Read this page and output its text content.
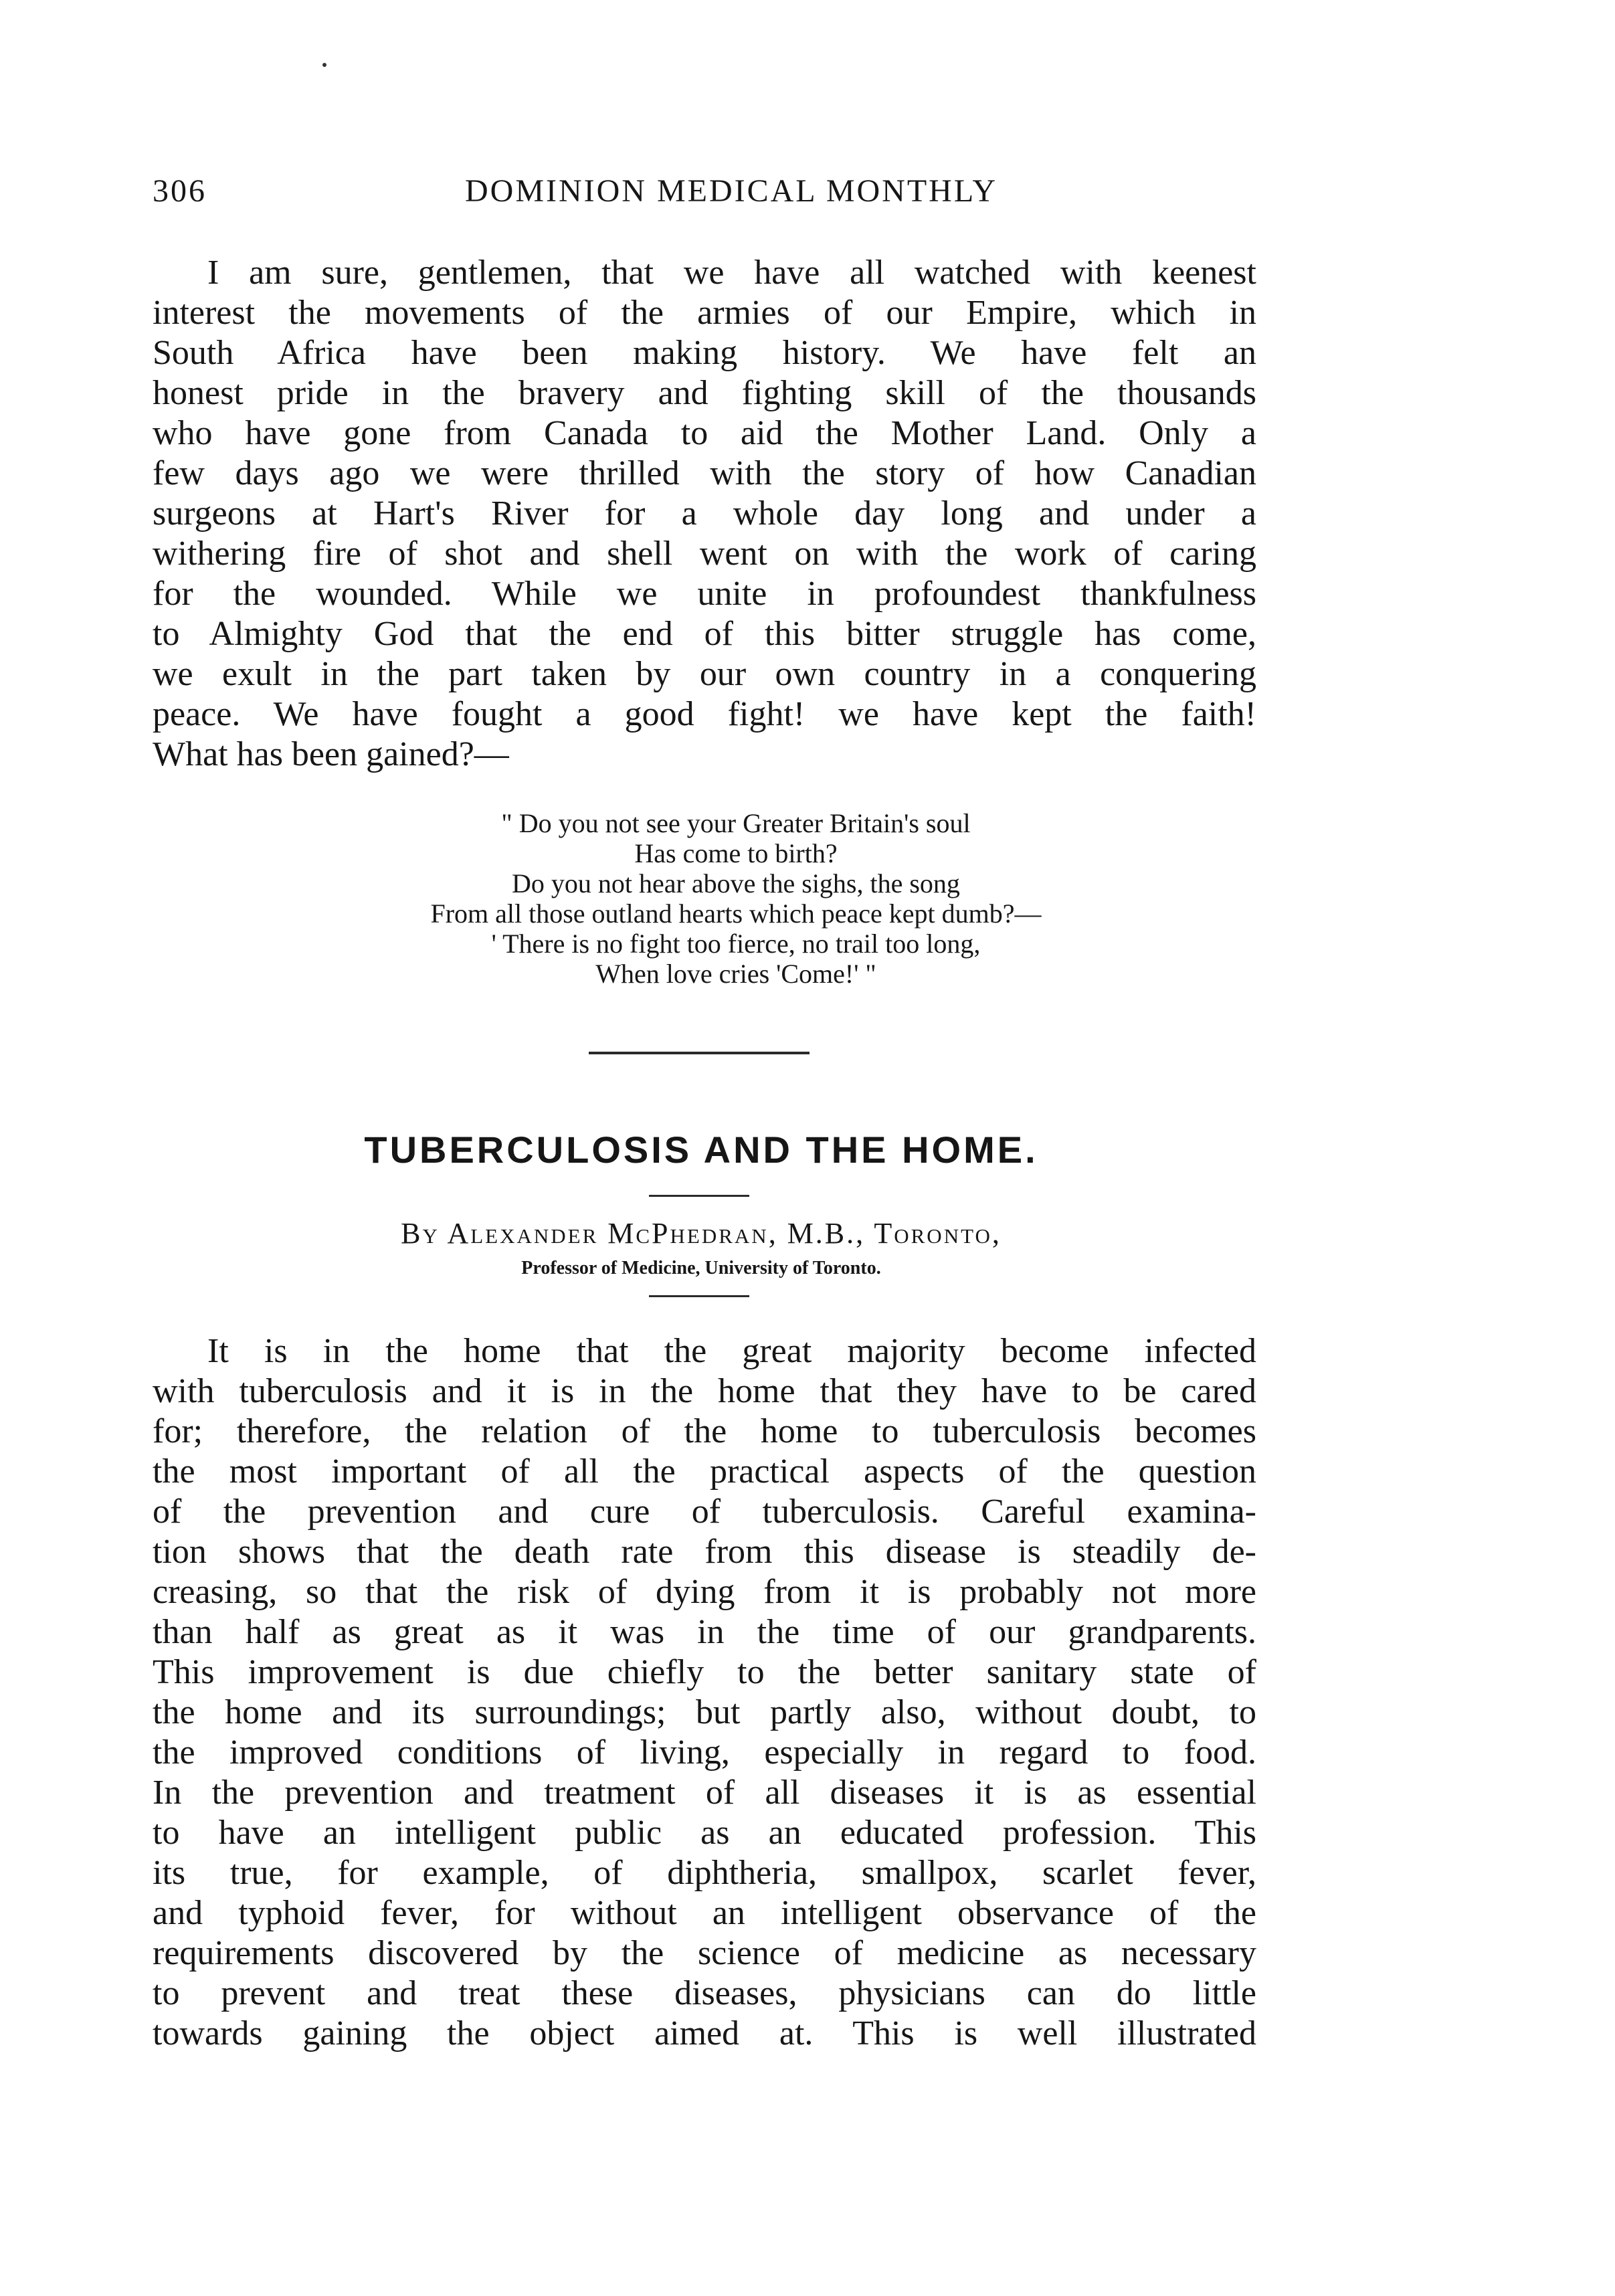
306	DOMINION MEDICAL MONTHLY
I am sure, gentlemen, that we have all watched with keenest
interest the movements of the armies of our Empire, which in
South Africa have been making history. We have felt an
honest pride in the bravery and fighting skill of the thousands
who have gone from Canada to aid the Mother Land. Only a
few days ago we were thrilled with the story of how Canadian
surgeons at Hart's River for a whole day long and under a
withering fire of shot and shell went on with the work of caring
for the wounded. While we unite in profoundest thankfulness
to Almighty God that the end of this bitter struggle has come,
we exult in the part taken by our own country in a conquering
peace. We have fought a good fight! we have kept the faith!
What has been gained?—
" Do you not see your Greater Britain's soul
Has come to birth?
Do you not hear above the sighs, the song
From all those outland hearts which peace kept dumb?—
' There is no fight too fierce, no trail too long,
When love cries 'Come!' "
TUBERCULOSIS AND THE HOME.
By Alexander McPhedran, M.B., Toronto,
Professor of Medicine, University of Toronto.
It is in the home that the great majority become infected
with tuberculosis and it is in the home that they have to be cared
for; therefore, the relation of the home to tuberculosis becomes
the most important of all the practical aspects of the question
of the prevention and cure of tuberculosis. Careful examina-
tion shows that the death rate from this disease is steadily de-
creasing, so that the risk of dying from it is probably not more
than half as great as it was in the time of our grandparents.
This improvement is due chiefly to the better sanitary state of
the home and its surroundings; but partly also, without doubt, to
the improved conditions of living, especially in regard to food.
In the prevention and treatment of all diseases it is as essential
to have an intelligent public as an educated profession. This
its true, for example, of diphtheria, smallpox, scarlet fever,
and typhoid fever, for without an intelligent observance of the
requirements discovered by the science of medicine as necessary
to prevent and treat these diseases, physicians can do little
towards gaining the object aimed at. This is well illustrated
